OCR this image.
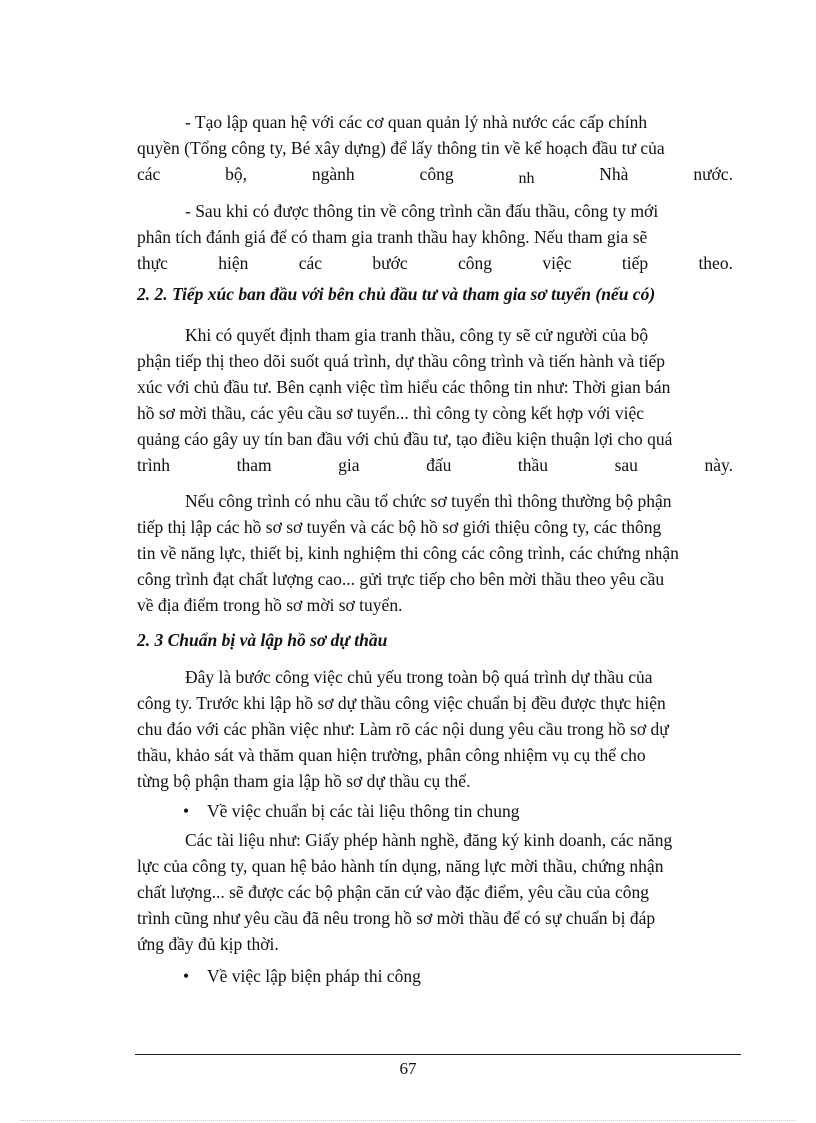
- Tạo lập quan hệ với các cơ quan quản lý nhà nước các cấp chính
quyền (Tổng công ty, Bé xây dựng) để lấy thông tin về kế hoạch đầu tư của
các	bộ,	ngành	công	nh	Nhà	nước.
- Sau khi có được thông tin về công trình cần đấu thầu, công ty mới
phân tích đánh giá để có tham gia tranh thầu hay không. Nếu tham gia sẽ
thực	hiện	các	bước	công	việc	tiếp	theo.
2. 2. Tiếp xúc ban đầu với bên chủ đầu tư và tham gia sơ tuyển (nếu có)
Khi có quyết định tham gia tranh thầu, công ty sẽ cử người của bộ
phận tiếp thị theo dõi suốt quá trình, dự thầu công trình và tiến hành và tiếp
xúc với chủ đầu tư. Bên cạnh việc tìm hiểu các thông tin như: Thời gian bán
hồ sơ mời thầu, các yêu cầu sơ tuyển... thì công ty còng kết hợp với việc
quảng cáo gây uy tín ban đầu với chủ đầu tư, tạo điều kiện thuận lợi cho quá
trình	tham	gia	đấu	thầu	sau	này.
Nếu công trình có nhu cầu tổ chức sơ tuyển thì thông thường bộ phận
tiếp thị lập các hồ sơ sơ tuyển và các bộ hồ sơ giới thiệu công ty, các thông
tin về năng lực, thiết bị, kinh nghiệm thi công các công trình, các chứng nhận
công trình đạt chất lượng cao... gửi trực tiếp cho bên mời thầu theo yêu cầu
về địa điểm trong hồ sơ mời sơ tuyển.
2. 3 Chuẩn bị và lập hồ sơ dự thầu
Đây là bước công việc chủ yếu trong toàn bộ quá trình dự thầu của
công ty. Trước khi lập hồ sơ dự thầu công việc chuẩn bị đều được thực hiện
chu đáo với các phần việc như: Làm rõ các nội dung yêu cầu trong hồ sơ dự
thầu, khảo sát và thăm quan hiện trường, phân công nhiệm vụ cụ thể cho
từng bộ phận tham gia lập hồ sơ dự thầu cụ thể.
• Về việc chuẩn bị các tài liệu thông tin chung
Các tài liệu như: Giấy phép hành nghề, đăng ký kinh doanh, các năng
lực của công ty, quan hệ bảo hành tín dụng, năng lực mời thầu, chứng nhận
chất lượng... sẽ được các bộ phận căn cứ vào đặc điểm, yêu cầu của công
trình cũng như yêu cầu đã nêu trong hồ sơ mời thầu để có sự chuẩn bị đáp
ứng đầy đủ kịp thời.
• Về việc lập biện pháp thi công
67
